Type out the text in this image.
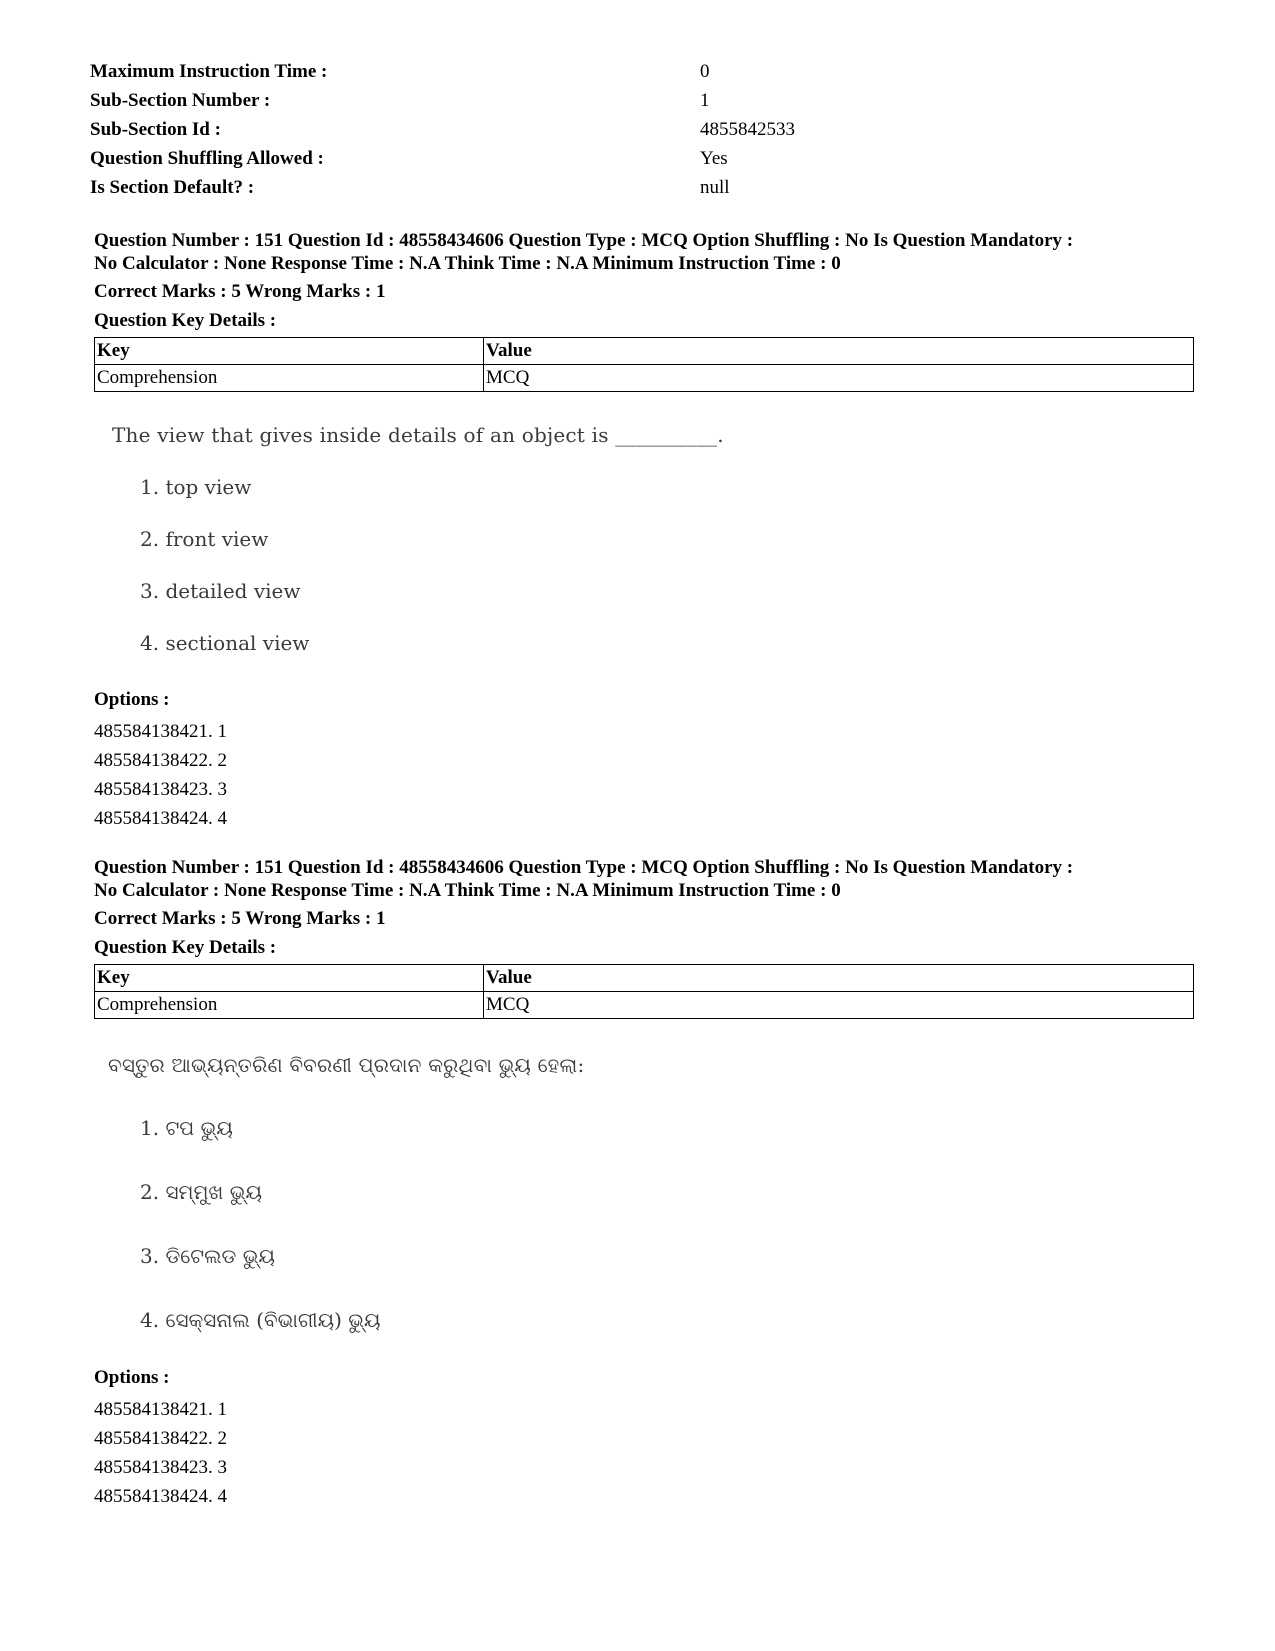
Maximum Instruction Time :	0
Sub-Section Number :	1
Sub-Section Id :	4855842533
Question Shuffling Allowed :	Yes
Is Section Default? :	null
Question Number : 151 Question Id : 48558434606 Question Type : MCQ Option Shuffling : No Is Question Mandatory :
No Calculator : None Response Time : N.A Think Time : N.A Minimum Instruction Time : 0
Correct Marks : 5 Wrong Marks : 1
Question Key Details :
Key	Value
Comprehension	MCQ
The view that gives inside details of an object is __________.
1. top view
2. front view
3. detailed view
4. sectional view
Options :
485584138421. 1
485584138422. 2
485584138423. 3
485584138424. 4
Question Number : 151 Question Id : 48558434606 Question Type : MCQ Option Shuffling : No Is Question Mandatory :
No Calculator : None Response Time : N.A Think Time : N.A Minimum Instruction Time : 0
Correct Marks : 5 Wrong Marks : 1
Question Key Details :
Key	Value
Comprehension	MCQ
ବସ୍ତୁର ଆଭ୍ୟନ୍ତରିଣ ବିବରଣୀ ପ୍ରଦାନ କରୁଥିବା ଭ୍ୟୁ ହେଲା:
1. ଟପ ଭ୍ୟୁ
2. ସମ୍ମୁଖ ଭ୍ୟୁ
3. ଡିଟେଲଡ ଭ୍ୟୁ
4. ସେକ୍ସନାଲ (ବିଭାଗୀୟ) ଭ୍ୟୁ
Options :
485584138421. 1
485584138422. 2
485584138423. 3
485584138424. 4
